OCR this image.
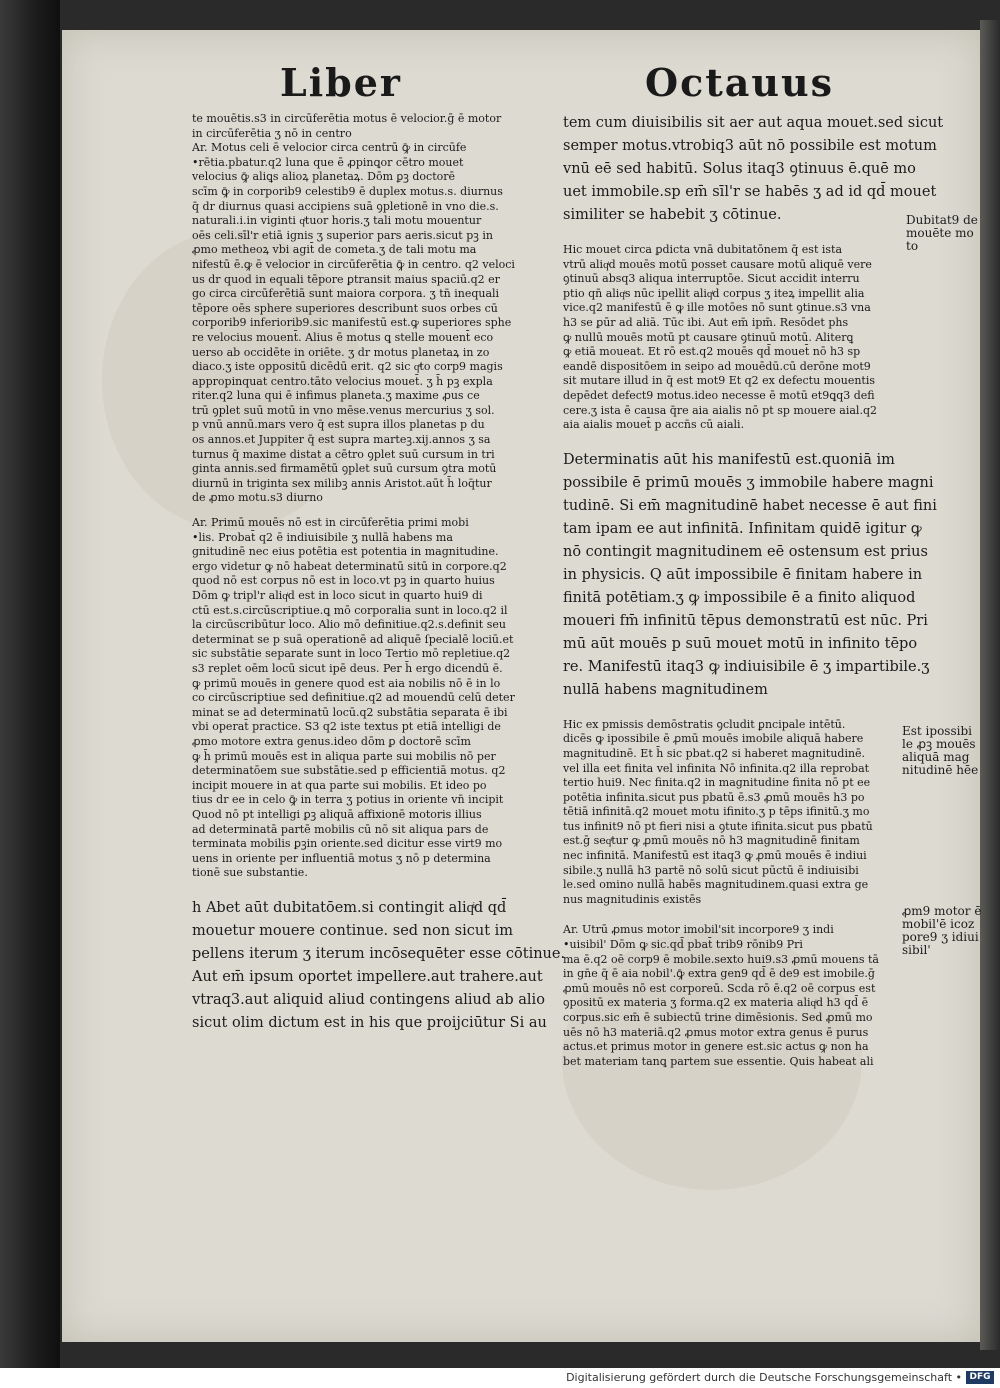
Liber	Octauus
te mouētis.s3 in circūferētia motus ē velocior.ḡ ē motor
in circūferētia ʒ nō in centro
Ar. Motus celi ē velocior circa centrū ꝙ̄ in circūfe
•rētia.pbatur.q2 luna que ē ꝓpinꝗor cētro mouet
velocius ꝙ̄ aliꝗs alioꝝ planetaꝝ. Dōm ꝑꝫ doctorē
scīm ꝙ̄ in corporib9 celestib9 ē duplex motus.s. diurnus
q̄ dr diurnus quasi accipiens suā ꝯpletionē in vno die.s.
naturali.i.in viginti qͥtuor horis.ʒ tali motu mouentur
oēs celi.sīl'r etiā ignis ʒ superior pars aeris.sicut pꝫ in
ꝓmo metheoꝝ vbi agit̄ de cometa.ʒ de tali motu ma
nifestū ē.ꝙ ē velocior in circūferētia ꝙ̄ in centro. q2 veloci
us dr quod in equali tēpore ꝑtransit maius spaciū.q2 er
go circa circūferētiā sunt maiora corpora. ʒ tn̄ inequali
tēpore oēs sphere superiores describunt suos orbes cū
corporib9 inferiorib9.sic manifestū est.ꝙ superiores sphe
re velocius mouent̄. Alius ē motus ꝗ stelle mouent̄ eco
uerso ab occidēte in oriēte. ʒ dr motus planetaꝝ in zo
diaco.ʒ iste oppositū dicēdū erit. q2 sic qͣto corp9 magis
appropinquat centro.tāto velocius mouet̄. ʒ h̄ pꝫ expla
riter.q2 luna qui ē infimus planeta.ʒ maxime ꝓus ce
trū ꝯplet suū motū in vno mēse.venus mercurius ʒ sol.
p vnū annū.mars vero q̄ est supra illos planetas p du
os annos.et Juppiter q̄ est supra marteꝫ.xij.annos ʒ sa
turnus q̄ maxime distat a cētro ꝯplet suū cursum in tri
ginta annis.sed firmamētū ꝯplet suū cursum ꝯtra motū
diurnū in triginta sex milibꝫ annis Aristot.aūt h̄ loq̄tur
de ꝓmo motu.s3 diurno
Ar. Primū mouēs nō est in circūferētia primi mobi
•lis. Probat̄ q2 ē indiuisibile ʒ nullā habens ma
gnitudinē nec eius potētia est potentia in magnitudine.
ergo videtur ꝙ nō habeat determinatū sitū in corpore.q2
quod nō est corpus nō est in loco.vt pꝫ in quarto huius
Dōm ꝙ tripl'r aliqͥd est in loco sicut in quarto hui9 di
ctū est.s.circūscriptiue.ꝗ mō corporalia sunt in loco.q2 il
la circūscribūtur loco. Alio mō definitiue.q2.s.definit seu
determinat se p suā operationē ad aliquē ſpecialē lociū.et
sic substātie separate sunt in loco Tertio mō repletiue.q2
s3 replet oēm locū sicut ipē deus. Per h̄ ergo dicendū ē.
ꝙ primū mouēs in genere quod est aia nobilis nō ē in lo
co circūscriptiue sed definitiue.q2 ad mouendū celū deter
minat se ad determinatū locū.q2 substātia separata ē ibi
vbi operat̄ practice. S3 q2 iste textus pt etiā intelligi de
ꝓmo motore extra genus.ideo dōm ꝑ doctorē scīm
ꝙ h̄ primū mouēs est in aliqua parte sui mobilis nō per
determinatōem sue substātie.sed p efficientiā motus. q2
incipit mouere in at qua parte sui mobilis. Et ideo po
tius dr ee in celo ꝙ̄ in terra ʒ potius in oriente vn̄ incipit
Quod nō pt intelligi ꝑꝫ aliquā affixionē motoris illius
ad determinatā partē mobilis cū nō sit aliqua pars de
terminata mobilis ꝑꝫin oriente.sed dicitur esse virt9 mo
uens in oriente per influentiā motus ʒ nō p determina
tionē sue substantie.
h Abet aūt dubitatōem.si contingit aliqͥd qd̄
mouetur mouere continue. sed non sicut im
pellens iterum ʒ iterum incōsequēter esse cōtinue.
Aut em̄ ipsum oportet impellere.aut trahere.aut
vtraq3.aut aliquid aliud contingens aliud ab alio
sicut olim dictum est in his que proijciūtur Si au
tem cum diuisibilis sit aer aut aqua mouet.sed sicut
semper motus.vtrobiq3 aūt nō possibile est motum
vnū eē sed habitū. Solus itaq3 ꝯtinuus ē.quē mo
uet immobile.sp em̄ sīl'r se habēs ʒ ad id qd̄ mouet
similiter se habebit ʒ cōtinue.
Hic mouet circa ꝑdicta vnā dubitatōnem q̄ est ista
vtrū aliqͥd mouēs motū posset causare motū aliquē vere
ꝯtinuū absq3 aliqua interruptōe. Sicut accidit interru
ptio qn̄ aliqͥs nūc ipellit aliqͥd corpus ʒ iteꝝ impellit alia
vice.q2 manifestū ē ꝙ ille motōes nō sunt ꝯtinue.s3 vna
h3 se ꝑūr ad aliā. Tūc ibi. Aut em̄ ipm̄. Resōdet phs
ꝙ nullū mouēs motū pt causare ꝯtinuū motū. Aliterꝗ
ꝙ etiā moueat. Et rō est.q2 mouēs qd̄ mouet̄ nō h3 sp
eandē dispositōem in seipo ad mouēdū.cū derōne mot9
sit mutare illud in q̄ est mot9 Et q2 ex defectu mouentis
depēdet defect9 motus.ideo necesse ē motū et9ꝗq3 defi
cere.ʒ ista ē causa q̄re aia aialis nō pt sp mouere aial.q2
aia aialis mouet̄ p accn̄s cū aiali.
Determinatis aūt his manifestū est.quoniā im
possibile ē primū mouēs ʒ immobile habere magni
tudinē. Si em̄ magnitudinē habet necesse ē aut fini
tam ipam ee aut infinitā. Infinitam quidē igitur ꝙ
nō contingit magnitudinem eē ostensum est prius
in physicis. Q aūt impossibile ē finitam habere in
finitā potētiam.ʒ ꝙ impossibile ē a finito aliquod
moueri fm̄ infinitū tēpus demonstratū est nūc. Pri
mū aūt mouēs p suū mouet motū in infinito tēpo
re. Manifestū itaq3 ꝙ indiuisibile ē ʒ impartibile.ʒ
nullā habens magnitudinem
Hic ex pmissis demōstratis ꝯcludit ꝑncipale intētū.
dicēs ꝙ ipossibile ē ꝓmū mouēs imobile aliquā habere
magnitudinē. Et h̄ sic pbat.q2 si haberet magnitudinē.
vel illa eet finita vel infinita Nō infinita.q2 illa reprobat
tertio hui9. Nec finita.q2 in magnitudine finita nō pt ee
potētia infinita.sicut pus pbatū ē.s3 ꝓmū mouēs h3 po
tētiā infinitā.q2 mouet motu ifinito.ʒ p tēps ifinitū.ʒ mo
tus infinit9 nō pt fieri nisi a ꝯtute ifinita.sicut pus pbatū
est.ḡ seqͥtur ꝙ ꝓmū mouēs nō h3 magnitudinē finitam
nec infinitā. Manifestū est itaq3 ꝙ ꝓmū mouēs ē indiui
sibile.ʒ nullā h3 partē nō solū sicut pūctū ē indiuisibi
le.sed omino nullā habēs magnitudinem.quasi extra ge
nus magnitudinis existēs
Ar. Utrū ꝓmus motor imobil'sit incorpore9 ʒ indi
•uisibil' Dōm ꝙ sic.qd̄ pbat̄ trib9 rōnib9 Pri
ma ē.q2 oē corp9 ē mobile.sexto hui9.s3 ꝓmū mouens tā
in gn̄e q̄ ē aia nobil'.ꝙ̄ extra gen9 qd̄ ē de9 est imobile.ḡ
ꝓmū mouēs nō est corporeū. Scda rō ē.q2 oē corpus est
ꝯpositū ex materia ʒ forma.q2 ex materia aliqͥd h3 qd̄ ē
corpus.sic em̄ ē subiectū trine dimēsionis. Sed ꝓmū mo
uēs nō h3 materiā.q2 ꝓmus motor extra genus ē purus
actus.et primus motor in genere est.sic actus ꝙ non ha
bet materiam tanꝗ partem sue essentie. Quis habeat ali
Dubitat9 de
mouēte mo
to
Est ipossibi
le ꝓꝫ mouēs
aliquā mag
nitudinē hēe
ꝓm9 motor ē
mobil'ē icoz
pore9 ʒ idiui
sibil'
Digitalisierung gefördert durch die Deutsche Forschungsgemeinschaft • DFG
